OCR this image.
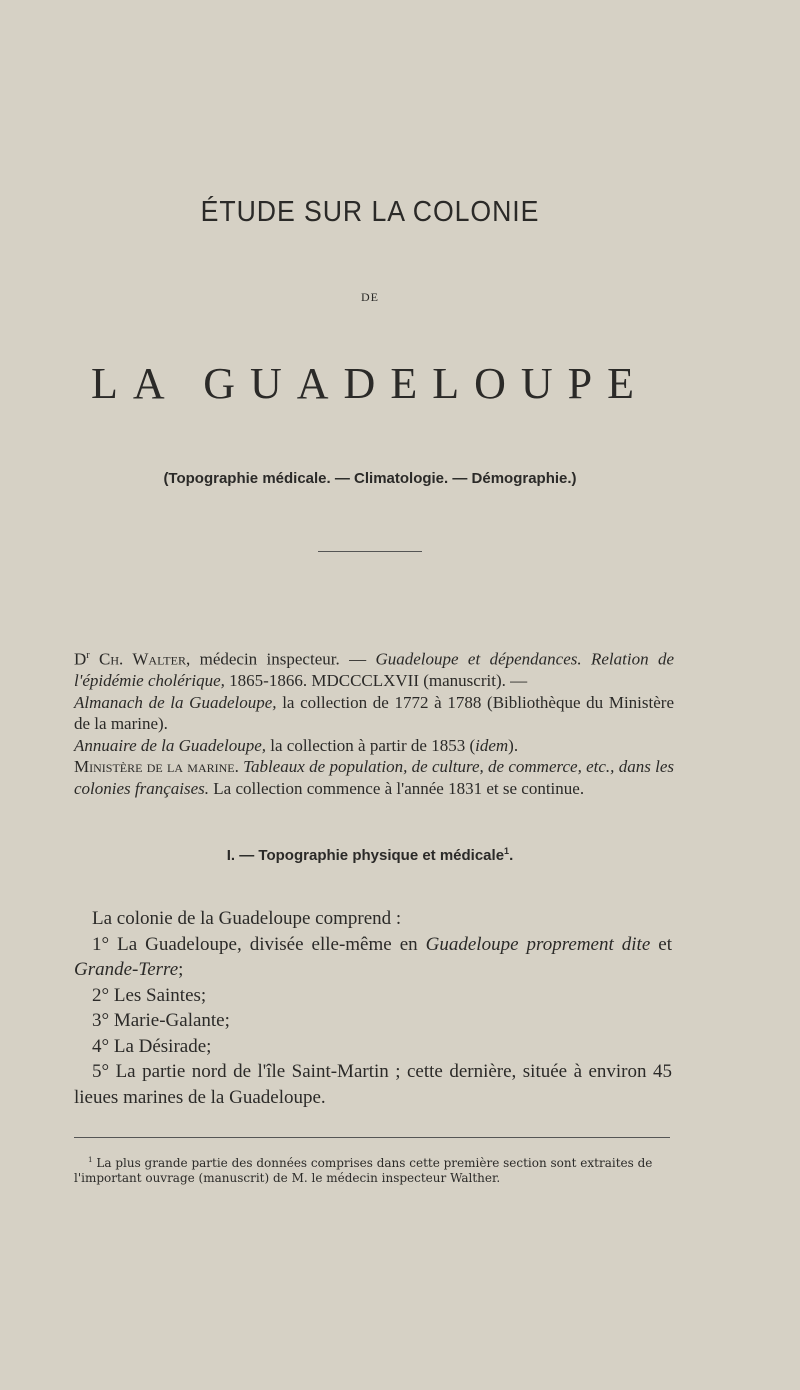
ÉTUDE SUR LA COLONIE
DE
LA GUADELOUPE
(Topographie médicale. — Climatologie. — Démographie.)

$D^r$ Ch. Walter, médecin inspecteur. — Guadeloupe et dépendances. Relation de l'épidémie cholérique, 1865-1866. MDCCCLXVII (manuscrit). —

Almanach de la Guadeloupe, la collection de 1772 à 1788 (Bibliothèque du Ministère de la marine).

Annuaire de la Guadeloupe, la collection à partir de 1853 (idem).

Ministère de la marine. Tableaux de population, de culture, de commerce, etc., dans les colonies françaises. La collection commence à l'année 1831 et se continue.

I. — Topographie physique et médicale$^1$.

La colonie de la Guadeloupe comprend :

1° La Guadeloupe, divisée elle-même en Guadeloupe proprement dite et Grande-Terre;

2° Les Saintes;

3° Marie-Galante;

4° La Désirade;

5° La partie nord de l'île Saint-Martin ; cette dernière, située à environ 45 lieues marines de la Guadeloupe.

$^1$ La plus grande partie des données comprises dans cette première section sont extraites de l'important ouvrage (manuscrit) de M. le médecin inspecteur Walther.
